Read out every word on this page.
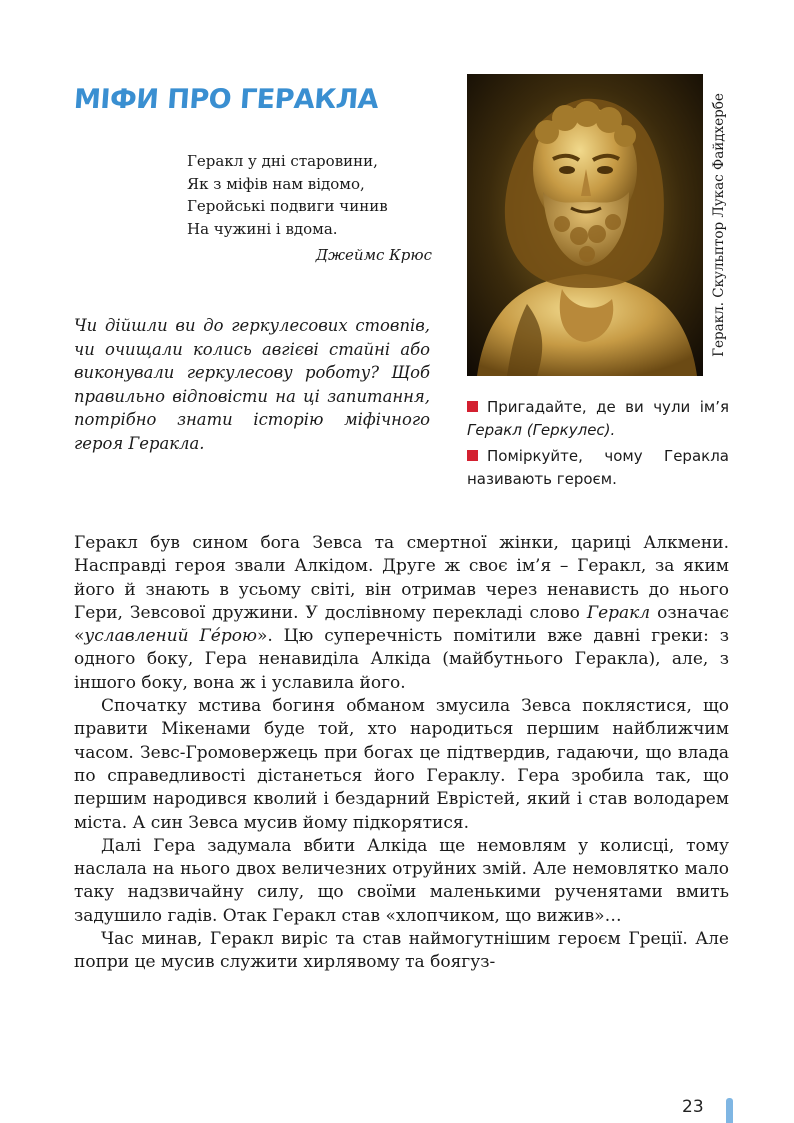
МІФИ ПРО ГЕРАКЛА
Геракл у дні старовини,
Як з міфів нам відомо,
Геройські подвиги чинив
На чужині і вдома.
Джеймс Крюс
Чи дійшли ви до геркулесових стовпів, чи очищали колись авгієві стайні або виконували геркулесову роботу? Щоб правильно відповісти на ці запитання, потрібно знати історію міфічного героя Геракла.
Геракл. Скульптор Лукас Файдхербе
Пригадайте, де ви чули ім’я Геракл (Геркулес).
Поміркуйте, чому Геракла називають героєм.

Геракл був сином бога Зевса та смертної жінки, цариці Алкмени. Насправді героя звали Алкідом. Друге ж своє ім’я – Геракл, за яким його й знають в усьому світі, він отримав через ненависть до нього Гери, Зевсової дружини. У дослівному перекладі слово Геракл означає «уславлений Гéрою». Цю суперечність помітили вже давні греки: з одного боку, Гера ненавиділа Алкіда (майбутнього Геракла), але, з іншого боку, вона ж і уславила його.

Спочатку мстива богиня обманом змусила Зевса поклястися, що правити Мікенами буде той, хто народиться першим найближчим часом. Зевс-Громовержець при богах це підтвердив, гадаючи, що влада по справедливості дістанеться його Гераклу. Гера зробила так, що першим народився кволий і бездарний Еврістей, який і став володарем міста. А син Зевса мусив йому підкорятися.

Далі Гера задумала вбити Алкіда ще немовлям у колисці, тому наслала на нього двох величезних отруйних змій. Але немовлятко мало таку надзвичайну силу, що своїми маленькими рученятами вмить задушило гадів. Отак Геракл став «хлопчиком, що вижив»…

Час минав, Геракл виріс та став наймогутнішим героєм Греції. Але попри це мусив служити хирлявому та боягуз-

23
